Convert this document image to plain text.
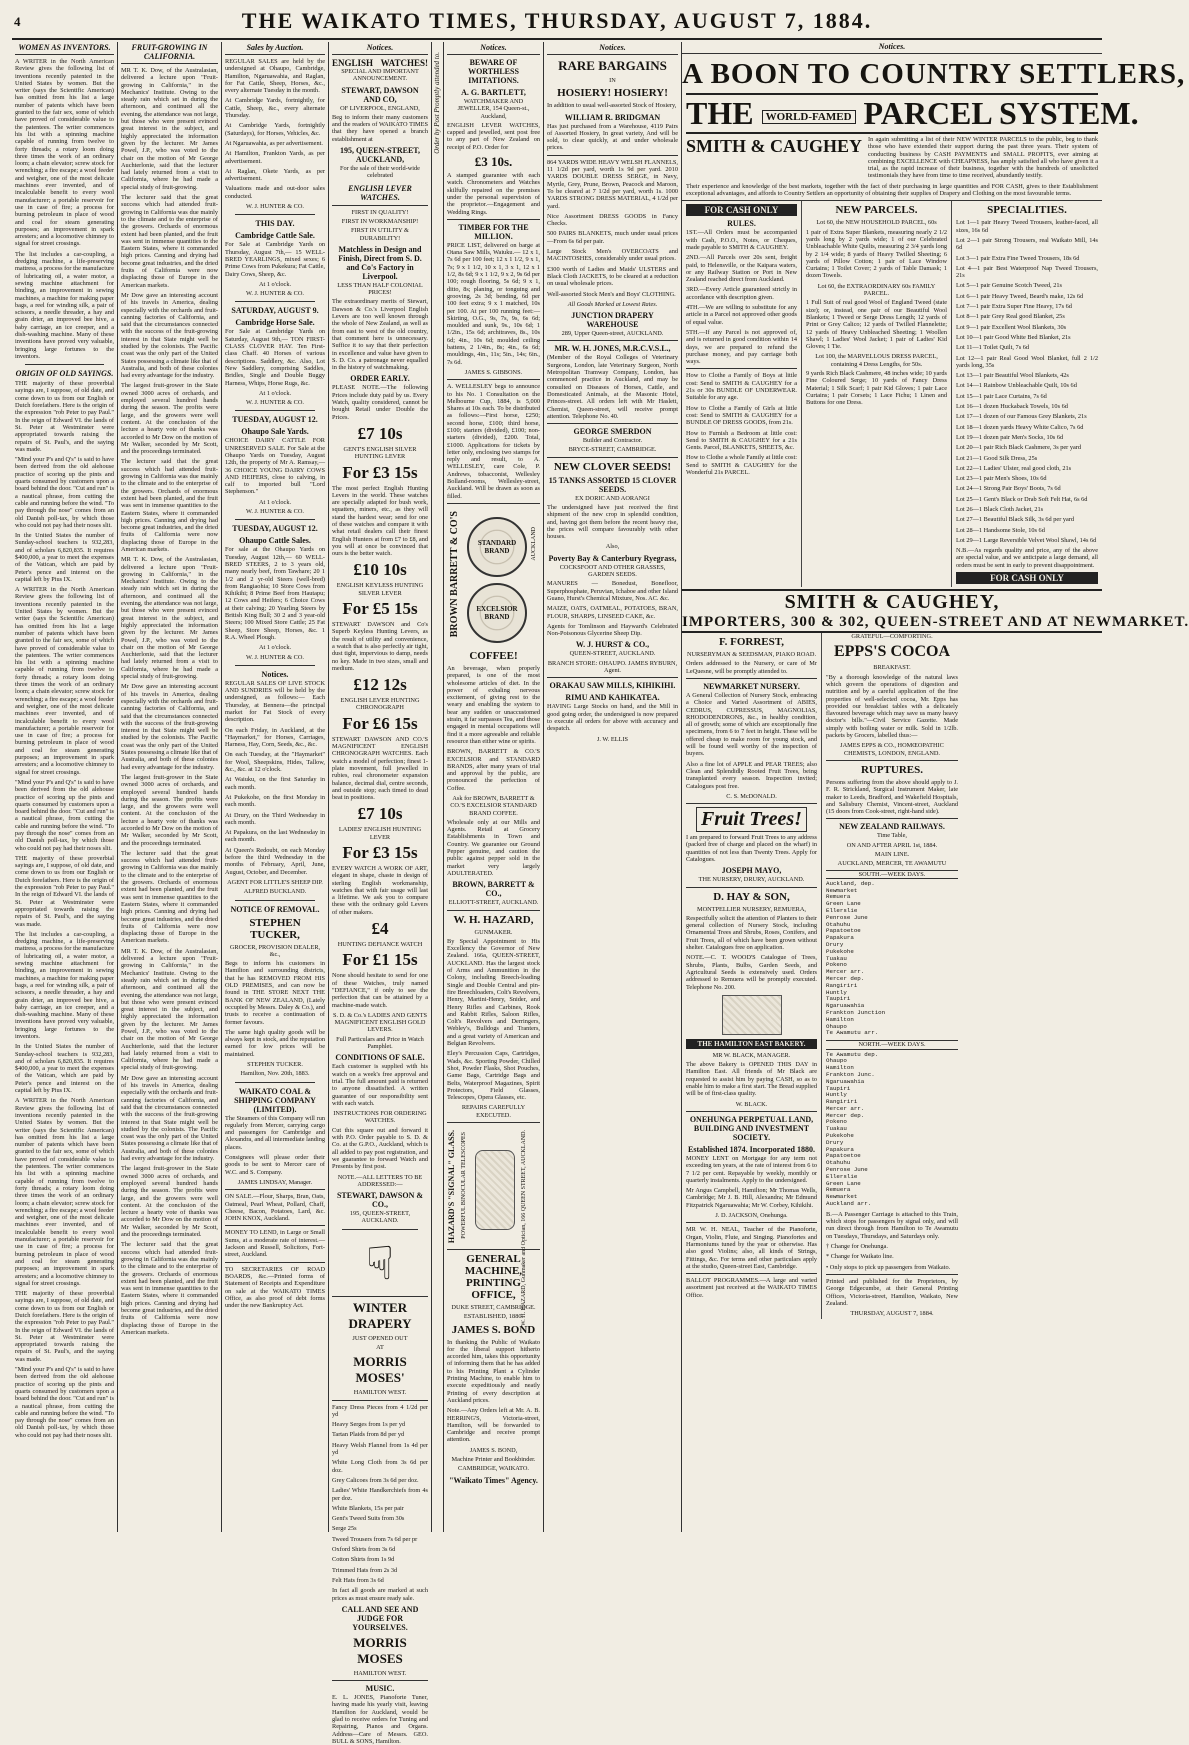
4	THE WAIKATO TIMES, THURSDAY, AUGUST 7, 1884.
WOMEN AS INVENTORS.

A WRITER in the North American Review gives the following list of inventions recently patented in the United States by women. But the writer (says the Scientific American) has omitted from his list a large number of patents which have been granted to the fair sex, some of which have proved of considerable value to the patentees. The writer commences his list with a spinning machine capable of running from twelve to forty threads; a rotary loom doing three times the work of an ordinary loom; a chain elevator; screw stock for wrenching; a fire escape; a wool feeder and weigher, one of the most delicate machines ever invented, and of incalculable benefit to every wool manufacturer; a portable reservoir for use in case of fire; a process for burning petroleum in place of wood and coal for steam generating purposes; an improvement in spark arresters; and a locomotive chimney to signal for street crossings.

The list includes a car-coupling, a dredging machine, a life-preserving mattress, a process for the manufacture of lubricating oil, a water motor, a sewing machine attachment for binding, an improvement in sewing machines, a machine for making paper bags, a reel for winding silk, a pair of scissors, a needle threader, a hay and grain drier, an improved bee hive, a baby carriage, an ice creeper, and a dish-washing machine. Many of these inventions have proved very valuable, bringing large fortunes to the inventors.

ORIGIN OF OLD SAYINGS.

THE majority of these proverbial sayings are, I suppose, of old date, and come down to us from our English or Dutch forefathers. Here is the origin of the expression "rob Peter to pay Paul." In the reign of Edward VI. the lands of St. Peter at Westminster were appropriated towards raising the repairs of St. Paul's, and the saying was made.

"Mind your P's and Q's" is said to have been derived from the old alehouse practice of scoring up the pints and quarts consumed by customers upon a board behind the door. "Cut and run" is a nautical phrase, from cutting the cable and running before the wind. "To pay through the nose" comes from an old Danish poll-tax, by which those who could not pay had their noses slit.

In the United States the number of Sunday-school teachers is 932,283, and of scholars 6,820,835. It requires $400,000, a year to meet the expenses of the Vatican, which are paid by Peter's pence and interest on the capital left by Pius IX.

A WRITER in the North American Review gives the following list of inventions recently patented in the United States by women. But the writer (says the Scientific American) has omitted from his list a large number of patents which have been granted to the fair sex, some of which have proved of considerable value to the patentees. The writer commences his list with a spinning machine capable of running from twelve to forty threads; a rotary loom doing three times the work of an ordinary loom; a chain elevator; screw stock for wrenching; a fire escape; a wool feeder and weigher, one of the most delicate machines ever invented, and of incalculable benefit to every wool manufacturer; a portable reservoir for use in case of fire; a process for burning petroleum in place of wood and coal for steam generating purposes; an improvement in spark arresters; and a locomotive chimney to signal for street crossings.

"Mind your P's and Q's" is said to have been derived from the old alehouse practice of scoring up the pints and quarts consumed by customers upon a board behind the door. "Cut and run" is a nautical phrase, from cutting the cable and running before the wind. "To pay through the nose" comes from an old Danish poll-tax, by which those who could not pay had their noses slit.

THE majority of these proverbial sayings are, I suppose, of old date, and come down to us from our English or Dutch forefathers. Here is the origin of the expression "rob Peter to pay Paul." In the reign of Edward VI. the lands of St. Peter at Westminster were appropriated towards raising the repairs of St. Paul's, and the saying was made.

The list includes a car-coupling, a dredging machine, a life-preserving mattress, a process for the manufacture of lubricating oil, a water motor, a sewing machine attachment for binding, an improvement in sewing machines, a machine for making paper bags, a reel for winding silk, a pair of scissors, a needle threader, a hay and grain drier, an improved bee hive, a baby carriage, an ice creeper, and a dish-washing machine. Many of these inventions have proved very valuable, bringing large fortunes to the inventors.

In the United States the number of Sunday-school teachers is 932,283, and of scholars 6,820,835. It requires $400,000, a year to meet the expenses of the Vatican, which are paid by Peter's pence and interest on the capital left by Pius IX.

A WRITER in the North American Review gives the following list of inventions recently patented in the United States by women. But the writer (says the Scientific American) has omitted from his list a large number of patents which have been granted to the fair sex, some of which have proved of considerable value to the patentees. The writer commences his list with a spinning machine capable of running from twelve to forty threads; a rotary loom doing three times the work of an ordinary loom; a chain elevator; screw stock for wrenching; a fire escape; a wool feeder and weigher, one of the most delicate machines ever invented, and of incalculable benefit to every wool manufacturer; a portable reservoir for use in case of fire; a process for burning petroleum in place of wood and coal for steam generating purposes; an improvement in spark arresters; and a locomotive chimney to signal for street crossings.

THE majority of these proverbial sayings are, I suppose, of old date, and come down to us from our English or Dutch forefathers. Here is the origin of the expression "rob Peter to pay Paul." In the reign of Edward VI. the lands of St. Peter at Westminster were appropriated towards raising the repairs of St. Paul's, and the saying was made.

"Mind your P's and Q's" is said to have been derived from the old alehouse practice of scoring up the pints and quarts consumed by customers upon a board behind the door. "Cut and run" is a nautical phrase, from cutting the cable and running before the wind. "To pay through the nose" comes from an old Danish poll-tax, by which those who could not pay had their noses slit.

FRUIT-GROWING IN CALIFORNIA.

MR T. K. Dow, of the Australasian, delivered a lecture upon "Fruit-growing in California," in the Mechanics' Institute. Owing to the steady rain which set in during the afternoon, and continued all the evening, the attendance was not large, but those who were present evinced great interest in the subject, and highly appreciated the information given by the lecturer. Mr James Powel, J.P., who was voted to the chair on the motion of Mr George Auchterlonie, said that the lecturer had lately returned from a visit to California, where he had made a special study of fruit-growing.

The lecturer said that the great success which had attended fruit-growing in California was due mainly to the climate and to the enterprise of the growers. Orchards of enormous extent had been planted, and the fruit was sent in immense quantities to the Eastern States, where it commanded high prices. Canning and drying had become great industries, and the dried fruits of California were now displacing those of Europe in the American markets.

Mr Dow gave an interesting account of his travels in America, dealing especially with the orchards and fruit-canning factories of California, and said that the circumstances connected with the success of the fruit-growing interest in that State might well be studied by the colonists. The Pacific coast was the only part of the United States possessing a climate like that of Australia, and both of these colonies had every advantage for the industry.

The largest fruit-grower in the State owned 3000 acres of orchards, and employed several hundred hands during the season. The profits were large, and the growers were well content. At the conclusion of the lecture a hearty vote of thanks was accorded to Mr Dow on the motion of Mr Walker, seconded by Mr Scott, and the proceedings terminated.

The lecturer said that the great success which had attended fruit-growing in California was due mainly to the climate and to the enterprise of the growers. Orchards of enormous extent had been planted, and the fruit was sent in immense quantities to the Eastern States, where it commanded high prices. Canning and drying had become great industries, and the dried fruits of California were now displacing those of Europe in the American markets.

MR T. K. Dow, of the Australasian, delivered a lecture upon "Fruit-growing in California," in the Mechanics' Institute. Owing to the steady rain which set in during the afternoon, and continued all the evening, the attendance was not large, but those who were present evinced great interest in the subject, and highly appreciated the information given by the lecturer. Mr James Powel, J.P., who was voted to the chair on the motion of Mr George Auchterlonie, said that the lecturer had lately returned from a visit to California, where he had made a special study of fruit-growing.

Mr Dow gave an interesting account of his travels in America, dealing especially with the orchards and fruit-canning factories of California, and said that the circumstances connected with the success of the fruit-growing interest in that State might well be studied by the colonists. The Pacific coast was the only part of the United States possessing a climate like that of Australia, and both of these colonies had every advantage for the industry.

The largest fruit-grower in the State owned 3000 acres of orchards, and employed several hundred hands during the season. The profits were large, and the growers were well content. At the conclusion of the lecture a hearty vote of thanks was accorded to Mr Dow on the motion of Mr Walker, seconded by Mr Scott, and the proceedings terminated.

The lecturer said that the great success which had attended fruit-growing in California was due mainly to the climate and to the enterprise of the growers. Orchards of enormous extent had been planted, and the fruit was sent in immense quantities to the Eastern States, where it commanded high prices. Canning and drying had become great industries, and the dried fruits of California were now displacing those of Europe in the American markets.

MR T. K. Dow, of the Australasian, delivered a lecture upon "Fruit-growing in California," in the Mechanics' Institute. Owing to the steady rain which set in during the afternoon, and continued all the evening, the attendance was not large, but those who were present evinced great interest in the subject, and highly appreciated the information given by the lecturer. Mr James Powel, J.P., who was voted to the chair on the motion of Mr George Auchterlonie, said that the lecturer had lately returned from a visit to California, where he had made a special study of fruit-growing.

Mr Dow gave an interesting account of his travels in America, dealing especially with the orchards and fruit-canning factories of California, and said that the circumstances connected with the success of the fruit-growing interest in that State might well be studied by the colonists. The Pacific coast was the only part of the United States possessing a climate like that of Australia, and both of these colonies had every advantage for the industry.

The largest fruit-grower in the State owned 3000 acres of orchards, and employed several hundred hands during the season. The profits were large, and the growers were well content. At the conclusion of the lecture a hearty vote of thanks was accorded to Mr Dow on the motion of Mr Walker, seconded by Mr Scott, and the proceedings terminated.

The lecturer said that the great success which had attended fruit-growing in California was due mainly to the climate and to the enterprise of the growers. Orchards of enormous extent had been planted, and the fruit was sent in immense quantities to the Eastern States, where it commanded high prices. Canning and drying had become great industries, and the dried fruits of California were now displacing those of Europe in the American markets.

Sales by Auction.

REGULAR SALES are held by the undersigned at Ohaupo, Cambridge, Hamilton, Ngaruawahia, and Raglan, for Fat Cattle, Sheep, Horses, &c., every alternate Tuesday in the month.

At Cambridge Yards, fortnightly, for Cattle, Sheep, &c., every alternate Thursday.

At Cambridge Yards, fortnightly (Saturdays), for Horses, Vehicles, &c.

At Ngaruawahia, as per advertisement.

At Hamilton, Frankton Yards, as per advertisement.

At Raglan, Okete Yards, as per advertisement.

Valuations made and out-door sales conducted.

W. J. HUNTER & CO.
THIS DAY.
Cambridge Cattle Sale.

For Sale at Cambridge Yards on Thursday, August 7th,— 15 WELL-BRED YEARLINGS, mixed sexes; 6 Prime Cows from Pukekura; Fat Cattle, Dairy Cows, Sheep, &c.

At 1 o'clock.
W. J. HUNTER & CO.
SATURDAY, AUGUST 9.
Cambridge Horse Sale.

For Sale at Cambridge Yards on Saturday, August 9th,— TON FIRST-CLASS CLOVER HAY. Ten First-class Chaff. 40 Horses of various descriptions. Saddlery, &c. Also, Lot New Saddlery, comprising Saddles, Bridles, Single and Double Buggy Harness, Whips, Horse Rugs, &c.

At 1 o'clock.
W. J. HUNTER & CO.
TUESDAY, AUGUST 12.
Ohaupo Sale Yards.

CHOICE DAIRY CATTLE FOR UNRESERVED SALE. For Sale at the Ohaupo Yards on Tuesday, August 12th, the property of Mr A. Ramsay,— 36 CHOICE YOUNG DAIRY COWS AND HEIFERS, close to calving, in calf to imported bull "Lord Stephenson."

At 1 o'clock.
W. J. HUNTER & CO.
TUESDAY, AUGUST 12.
Ohaupo Cattle Sales.

For sale at the Ohaupo Yards on Tuesday, August 12th,— 60 WELL-BRED STEERS, 2 to 3 years old, many nearly beef, from Tawhare; 20 1 1/2 and 2 yr-old Steers (well-bred) from Rangiaohia; 10 Store Cows from Kihikihi; 8 Prime Beef from Hautapu; 12 Cows and Heifers; 6 Choice Cows at their calving; 20 Yearling Steers by British King Bull; 30 2 and 3 year-old Steers; 100 Mixed Store Cattle; 25 Fat Sheep, Store Sheep, Horses, &c. 1 R.A. Wheel Plough.

At 1 o'clock.
W. J. HUNTER & CO.
Notices.

REGULAR SALES OF LIVE STOCK AND SUNDRIES will be held by the undersigned, as follows:— Each Thursday, at Bennera—the principal market for Fat Stock of every description.

On each Friday, in Auckland, at the "Haymarket," for Horses, Carriages, Harness, Hay, Corn, Seeds, &c., &c.

On each Tuesday, at the "Haymarket" for Wool, Sheepskins, Hides, Tallow, &c., &c. at 12 o'clock.

At Waiuku, on the first Saturday in each month.

At Pukekohe, on the first Monday in each month.

At Drury, on the Third Wednesday in each month.

At Papakura, on the last Wednesday in each month.

At Queen's Redoubt, on each Monday before the third Wednesday in the months of February, April, June, August, October, and December.

AGENT FOR LITTLE'S SHEEP DIP.
ALFRED BUCKLAND.
NOTICE OF REMOVAL.
STEPHEN TUCKER,
GROCER, PROVISION DEALER, &c.,

Begs to inform his customers in Hamilton and surrounding districts, that he has REMOVED FROM HIS OLD PREMISES, and can now be found in THE STORE NEXT THE BANK OF NEW ZEALAND, (Lately occupied by Messrs. Daley & Co.), and trusts to receive a continuation of former favours.

The same high quality goods will be always kept in stock, and the reputation earned for low prices will be maintained.

STEPHEN TUCKER.
Hamilton, Nov. 20th, 1883.
WAIKATO COAL & SHIPPING COMPANY (LIMITED).

The Steamers of this Company will run regularly from Mercer, carrying cargo and passengers for Cambridge and Alexandra, and all intermediate landing places.

Consignees will please order their goods to be sent to Mercer care of W.C. and S. Company.

JAMES LINDSAY, Manager.

ON SALE.—Flour, Sharps, Bran, Oats, Oatmeal, Pearl Wheat, Pollard, Chaff, Cheese, Bacon, Potatoes, Lard, &c. JOHN KNOX, Auckland.

MONEY TO LEND, in Large or Small Sums, at a moderate rate of interest.—Jackson and Russell, Solicitors, Fort-street, Auckland.

TO SECRETARIES OF ROAD BOARDS, &c.—Printed forms of Statement of Receipts and Expenditure on sale at the WAIKATO TIMES Office, as also proof of debt forms under the new Bankruptcy Act.

Notices.
ENGLISH WATCHES!
SPECIAL AND IMPORTANT ANNOUNCEMENT.
STEWART, DAWSON AND CO,
OF LIVERPOOL, ENGLAND,

Beg to inform their many customers and the readers of WAIKATO TIMES that they have opened a branch establishment at

195, QUEEN-STREET, AUCKLAND,

For the sale of their world-wide celebrated

ENGLISH LEVER WATCHES.
FIRST IN QUALITY!
FIRST IN WORKMANSHIP!
FIRST IN UTILITY & DURABILITY!
Matchless in Design and Finish, Direct from S. D. and Co's Factory in Liverpool.
LESS THAN HALF COLONIAL PRICES!

The extraordinary merits of Stewart, Dawson & Co.'s Liverpool English Levers are too well known through the whole of New Zealand, as well as from east to west of the old country, that comment here is unnecessary. Suffice it to say that their perfection in excellence and value have given to S. D. Co. a patronage never equalled in the history of watchmaking.

ORDER EARLY.

PLEASE NOTE.—The following Prices include duty paid by us. Every Watch, quality considered, cannot be bought Retail under Double the Prices.

£7 10s
GENT'S ENGLISH SILVER HUNTING LEVER
For £3 15s

The most perfect English Hunting Levers in the world. These watches are specially adapted for bush work, squatters, miners, etc., as they will stand the hardest wear; send for one of these watches and compare it with what retail dealers call their finest English Hunters at from £7 to £8, and you will at once be convinced that ours is the better watch.

£10 10s
ENGLISH KEYLESS HUNTING SILVER LEVER
For £5 15s

STEWART DAWSON and Co's Superb Keyless Hunting Levers, as the result of utility and convenience, a watch that is also perfectly air tight, dust tight, impervious to damp, needs no key. Made in two sizes, small and medium.

£12 12s
ENGLISH LEVER HUNTING CHRONOGRAPH
For £6 15s

STEWART DAWSON AND CO.'S MAGNIFICENT ENGLISH CHRONOGRAPH WATCHES. Each watch a model of perfection; finest 1-plate movement, full jewelled in rubies, real chronometer expansion balance, decimal dial, centre seconds, and outside stop; each timed to dead beat in positions.

£7 10s
LADIES' ENGLISH HUNTING LEVER
For £3 15s

EVERY WATCH A WORK OF ART, elegant in shape, chaste in design of sterling English workmanship, watches that with fair usage will last a lifetime. We ask you to compare these with the ordinary gold Levers of other makers.

£4
HUNTING DEFIANCE WATCH
For £1 15s

None should hesitate to send for one of these Watches, truly named "DEFIANCE," if only to see the perfection that can be attained by a machine-made watch.

S. D. & Co.'s LADIES AND GENTS MAGNIFICENT ENGLISH GOLD LEVERS.
Full Particulars and Price in Watch Pamphlet.
CONDITIONS OF SALE.

Each customer is supplied with his watch on a week's free approval and trial. The full amount paid is returned to anyone dissatisfied. A written guarantee of our responsibility sent with each watch.

INSTRUCTIONS FOR ORDERING WATCHES.

Cut this square out and forward it with P.O. Order payable to S. D. & Co. at the G.P.O., Auckland, which is all added to pay post registration, and we guarantee to forward Watch and Presents by first post.

NOTE.—ALL LETTERS TO BE ADDRESSED:—
STEWART, DAWSON & CO.,
195, QUEEN-STREET, AUCKLAND.
☟
WINTER DRAPERY
JUST OPENED OUT
AT
MORRIS MOSES'
HAMILTON WEST.
Fancy Dress Pieces from 4 1/2d per yd
Heavy Serges from 1s per yd
Tartan Plaids from 8d per yd
Heavy Welsh Flannel from 1s 4d per yd
White Long Cloth from 3s 6d per doz.
Grey Calicoes from 3s 6d per doz.
Ladies' White Handkerchiefs from 4s per doz.
White Blankets, 15s per pair
Gent's Tweed Suits from 30s
Serge 25s
Tweed Trousers from 7s 6d per pr
Oxford Shirts from 3s 6d
Cotton Shirts from 1s 9d
Trimmed Hats from 2s 3d
Felt Hats from 3s 6d

In fact all goods are marked at such prices as must ensure ready sale.

CALL AND SEE AND JUDGE FOR YOURSELVES.
MORRIS MOSES
HAMILTON WEST.
MUSIC.

E. L. JONES, Pianoforte Tuner, having made his yearly visit, leaving Hamilton for Auckland, would be glad to receive orders for Tuning and Repairing, Pianos and Organs. Address—Care of Messrs. GEO. BULL & SONS, Hamilton.

Order by Post Promptly attended to.
Notices.
BEWARE OF WORTHLESS IMITATIONS.
A. G. BARTLETT,
WATCHMAKER AND JEWELLER, 154 Queen-st., Auckland,

ENGLISH LEVER WATCHES, capped and jewelled, sent post free to any part of New Zealand on receipt of P.O. Order for

£3 10s.

A stamped guarantee with each watch. Chronometers and Watches skilfully repaired on the premises under the personal supervision of the proprietor.—Engagement and Wedding Rings.

TIMBER FOR THE MILLION.

PRICE LIST, delivered on barge at Otana Saw Mills, Waiuku.— 12 x 1, 7s 6d per 100 feet; 12 x 1 1/2, 9 x 1, 7s; 9 x 1 1/2, 10 x 1, 3 x 1, 12 x 1 1/2, 8s 6d; 9 x 1 1/2, 9 x 2, 9s 6d per 100; rough flooring, 5s 6d; 9 x 1, ditto, 8s; planing, or tonguing and grooving, 2s 3d; bending, 6d per 100 feet extra; 9 x 1 matched, 10s per 100. At per 100 running feet:—Skirting, O.G., 9s, 7s, 9s, 6s 6d; moulded and sunk, 9s., 10s 6d; 1 1/2in., 15s 6d; architraves, 8s., 10s 6d; 4in., 10s 6d; moulded ceiling battens, 2 1/4in., 8s; 4in., 6s 6d; mouldings, 4in., 11s; 5in., 14s; 6in., 7s 6d.

JAMES S. GIBBONS.

A. WELLESLEY begs to announce to his No. 1 Consultation on the Melbourne Cup, 1884, is 5,000 Shares at 10s each. To be distributed as follows:—First horse, £250; second horse, £100; third horse, £100; starters (divided), £100; non-starters (divided), £200. Total, £1000. Applications for tickets by letter only, enclosing two stamps for reply and result, to A. WELLESLEY, care Cole, P. Andrews, tobacconist, Wellesley Bolland-rooms, Wellesley-street, Auckland. Will be drawn as soon as filled.

BROWN BARRETT & CO'S	STANDARD BRAND
EXCELSIOR BRAND
AUCKLAND
COFFEE!

An beverage, when properly prepared, is one of the most wholesome articles of diet. In the power of exhaling nervous excitement, of giving rest to the weary and enabling the system to bear any sudden or unaccustomed strain, it far surpasses Tea, and those engaged in mental occupations will find it a more agreeable and reliable resource than either wine or spirits.

BROWN, BARRETT & CO.'S EXCELSIOR and STANDARD BRANDS, after many years of trial and approval by the public, are pronounced the perfection of Coffee.

Ask for BROWN, BARRETT & CO.'S EXCELSIOR STANDARD BRAND COFFEE.

Wholesale only at our Mills and Agents. Retail at Grocery Establishments in Town and Country. We guarantee our Ground Pepper genuine, and caution the public against pepper sold in the market very largely ADULTERATED.

BROWN, BARRETT & CO.,
ELLIOTT-STREET, AUCKLAND.
W. H. HAZARD,
GUNMAKER.

By Special Appointment to His Excellency the Governor of New Zealand. 166a, QUEEN-STREET, AUCKLAND. Has the largest stock of Arms and Ammunition in the Colony, including Breech-loading Single and Double Central and pin-fire Breechloaders, Colt's Revolvers, Henry, Martini-Henry, Snider, and Henry Rifles and Carbines, Rook and Rabbit Rifles, Saloon Rifles, Colt's Revolvers and Derringers, Webley's, Bulldogs and Tranters, and a great variety of American and Belgian Revolvers.

Eley's Percussion Caps, Cartridges, Wads, &c. Sporting Powder, Chilled Shot, Powder Flasks, Shot Pouches, Game Bags, Cartridge Bags and Belts, Waterproof Magazines, Spirit Protectors, Field Glasses, Telescopes, Opera Glasses, etc.

REPAIRS CAREFULLY EXECUTED.
HAZARD'S "SIGNAL" GLASS. POWERFUL BINOCULAR TELESCOPES	W. H. HAZARD, Gunmaker and Optician, 166 QUEEN STREET, AUCKLAND.
GENERAL MACHINE, PRINTING OFFICE,
DUKE STREET, CAMBRIDGE.
ESTABLISHED, 1880.
JAMES S. BOND

In thanking the Public of Waikato for the liberal support hitherto accorded him, takes this opportunity of informing them that he has added to his Printing Plant a Cylinder Printing Machine, to enable him to execute expeditiously and neatly Printing of every description at Auckland prices.

Note.—Any Orders left at Mr. A. B. HERRING'S, Victoria-street, Hamilton, will be forwarded to Cambridge and receive prompt attention.

JAMES S. BOND,
Machine Printer and Bookbinder.
CAMBRIDGE, WAIKATO.
"Waikato Times" Agency.
Notices.
RARE BARGAINS
IN
HOSIERY! HOSIERY!

In addition to usual well-assorted Stock of Hosiery,

WILLIAM R. BRIDGMAN

Has just purchased from a Warehouse, 4119 Pairs of Assorted Hosiery, In great variety, And will be sold, to clear quickly, at and under wholesale prices.

864 YARDS WIDE HEAVY WELSH FLANNELS, 11 1/2d per yard, worth 1s 9d per yard. 2010 YARDS DOUBLE DRESS SERGE, in Navy, Myrtle, Grey, Prune, Brown, Peacock and Maroon, To be cleared at 7 1/2d per yard, worth 1s. 1000 YARDS STRONG DRESS MATERIAL, 4 1/2d per yard.

Nice Assortment DRESS GOODS in Fancy Checks.

500 PAIRS BLANKETS, much under usual prices—From 6s 6d per pair.

Large Stock Men's OVERCOATS and MACINTOSHES, considerably under usual prices.

£300 worth of Ladies and Maids' ULSTERS and Black Cloth JACKETS, to be cleared at a reduction on usual wholesale prices.

Well-assorted Stock Men's and Boys' CLOTHING.

All Goods Marked at Lowest Rates.

JUNCTION DRAPERY WAREHOUSE
289, Upper Queen-street, AUCKLAND.
MR. W. H. JONES, M.R.C.V.S.L.,

(Member of the Royal Colleges of Veterinary Surgeons, London, late Veterinary Surgeon, North Metropolitan Tramway Company, London, has commenced practice in Auckland, and may be consulted on Diseases of Horses, Cattle, and Domesticated Animals, at the Masonic Hotel, Princes-street. All orders left with Mr Haslett, Chemist, Queen-street, will receive prompt attention. Telephone No. 40.

GEORGE SMERDON
Builder and Contractor.
BRYCE-STREET, CAMBRIDGE.
NEW CLOVER SEEDS!
15 TANKS ASSORTED 15 CLOVER SEEDS.
EX DORIC AND AORANGI

The undersigned have just received the first shipment of the new crop in splendid condition, and, having got them before the recent heavy rise, the prices will compare favourably with other houses.

Also,
Poverty Bay & Canterbury Ryegrass,
COCKSFOOT AND OTHER GRASSES, GARDEN SEEDS.

MANURES — Bonedust, Bonefloor, Superphosphate, Peruvian, Ichaboe and other Island Guano, Hurst's Chemical Mixture, Nos. AC. &c.

MAIZE, OATS, OATMEAL, POTATOES, BRAN, FLOUR, SHARPS, LINSEED CAKE, &c.

Agents for Tomlinson and Hayward's Celebrated Non-Poisonous Glycerine Sheep Dip.

W. J. HURST & CO.,
QUEEN-STREET, AUCKLAND.
BRANCH STORE: OHAUPO. JAMES RYBURN, Agent.
ORAKAU SAW MILLS, KIHIKIHI.
RIMU AND KAHIKATEA.

HAVING Large Stocks on hand, and the Mill in good going order, the undersigned is now prepared to execute all orders for above with accuracy and despatch.

J. W. ELLIS
Notices.
A BOON TO COUNTRY SETTLERS,
THE WORLD-FAMED PARCEL SYSTEM.
SMITH & CAUGHEY In again submitting a list of their NEW WINTER PARCELS to the public, beg to thank those who have extended their support during the past three years. Their system of conducting business by CASH PAYMENTS and SMALL PROFITS, ever aiming at combining EXCELLENCE with CHEAPNESS, has amply satisfied all who have given it a trial, as the rapid increase of their business, together with the hundreds of unsolicited testimonials they have from time to time received, abundantly testify.

Their experience and knowledge of the best markets, together with the fact of their purchasing in large quantities and FOR CASH, gives to their Establishment exceptional advantages, and affords to Country Settlers an opportunity of obtaining their supplies of Drapery and Clothing on the most favourable terms.

FOR CASH ONLY
RULES.

1ST.—All Orders must be accompanied with Cash, P.O.O., Notes, or Cheques, made payable to SMITH & CAUGHEY.

2ND.—All Parcels over 20s sent, freight paid, to Helensville, or the Kaipara waters, or any Railway Station or Port in New Zealand reached direct from Auckland.

3RD.—Every Article guaranteed strictly in accordance with description given.

4TH.—We are willing to substitute for any article in a Parcel not approved other goods of equal value.

5TH.—If any Parcel is not approved of, and is returned in good condition within 14 days, we are prepared to refund the purchase money, and pay carriage both ways.

How to Clothe a Family of Boys at little cost: Send to SMITH & CAUGHEY for a 21s or 30s BUNDLE OF UNDERWEAR. Suitable for any age.

How to Clothe a Family of Girls at little cost: Send to SMITH & CAUGHEY for a BUNDLE OF DRESS GOODS, from 21s.

How to Furnish a Bedroom at little cost: Send to SMITH & CAUGHEY for a 21s Gents. Parcel, BLANKETS, SHEETS, &c.

How to Clothe a whole Family at little cost: Send to SMITH & CAUGHEY for the Wonderful 21s PARCEL.

NEW PARCELS.
Lot 60, the NEW HOUSEHOLD PARCEL, 60s

1 pair of Extra Super Blankets, measuring nearly 2 1/2 yards long by 2 yards wide; 1 of our Celebrated Unbleachable White Quilts, measuring 2 3/4 yards long by 2 1/4 wide; 8 yards of Heavy Twilled Sheeting; 6 yards of Pillow Cotton; 1 pair of Lace Window Curtains; 1 Toilet Cover; 2 yards of Table Damask; 1 dozen Towels.

Lot 60, the EXTRAORDINARY 60s FAMILY PARCEL.

1 Full Suit of real good Wool of England Tweed (state size); or, instead, one pair of our Beautiful Wool Blankets; 1 Tweed or Serge Dress Length; 12 yards of Print or Grey Calico; 12 yards of Twilled Flannelette; 12 yards of Heavy Unbleached Sheeting; 1 Woollen Shawl; 1 Ladies' Wool Jacket; 1 pair of Ladies' Kid Gloves; 1 Tie.

Lot 100, the MARVELLOUS DRESS PARCEL, containing 4 Dress Lengths, for 50s.

9 yards Rich Black Cashmere, 48 inches wide; 10 yards Fine Coloured Serge; 10 yards of Fancy Dress Material; 1 Silk Scarf; 1 pair Kid Gloves; 1 pair Lace Curtains; 1 pair Corsets; 1 Lace Fichu; 1 Linen and Buttons for one Dress.

SPECIALITIES.
Lot 1—1 pair Heavy Tweed Trousers, leather-faced, all sizes, 16s 6d
Lot 2—1 pair Strong Trousers, real Waikato Mill, 14s 6d
Lot 3—1 pair Extra Fine Tweed Trousers, 18s 6d
Lot 4—1 pair Best Waterproof Nap Tweed Trousers, 21s
Lot 5—1 pair Genuine Scotch Tweed, 21s
Lot 6—1 pair Heavy Tweed, Beard's make, 12s 6d
Lot 7—1 pair Extra Super Fine Heavy, 17s 6d
Lot 8—1 pair Grey Real good Blanket, 25s
Lot 9—1 pair Excellent Wool Blankets, 30s
Lot 10—1 pair Good White Bed Blanket, 21s
Lot 11—1 Toilet Quilt, 7s 6d
Lot 12—1 pair Real Good Wool Blanket, full 2 1/2 yards long, 35s
Lot 13—1 pair Beautiful Wool Blankets, 42s
Lot 14—1 Rainbow Unbleachable Quilt, 10s 6d
Lot 15—1 pair Lace Curtains, 7s 6d
Lot 16—1 dozen Huckaback Towels, 10s 6d
Lot 17—1 dozen of our Famous Grey Blankets, 21s
Lot 18—1 dozen yards Heavy White Calico, 7s 6d
Lot 19—1 dozen pair Men's Socks, 10s 6d
Lot 20—1 pair Rich Black Cashmere, 3s per yard
Lot 21—1 Good Silk Dress, 25s
Lot 22—1 Ladies' Ulster, real good cloth, 21s
Lot 23—1 pair Men's Shoes, 10s 6d
Lot 24—1 Strong Pair Boys' Boots, 7s 6d
Lot 25—1 Gent's Black or Drab Soft Felt Hat, 6s 6d
Lot 26—1 Black Cloth Jacket, 21s
Lot 27—1 Beautiful Black Silk, 3s 6d per yard
Lot 28—1 Handsome Stole, 10s 6d
Lot 29—1 Large Reversible Velvet Wool Shawl, 14s 6d

N.B.—As regards quality and price, any of the above are special value, and we anticipate a large demand, all orders must be sent in early to prevent disappointment.

FOR CASH ONLY
SMITH & CAUGHEY,
IMPORTERS, 300 & 302, QUEEN-STREET AND AT NEWMARKET.
F. FORREST,
NURSERYMAN & SEEDSMAN, PIAKO ROAD.

Orders addressed to the Nursery, or care of Mr LeQuesne, will be promptly attended to.

NEWMARKET NURSERY.

A General Collection of Nursery Stock, embracing a Choice and Varied Assortment of ABIES, CEDRUS, CUPRESSUS, MAGNOLIAS, RHODODENDRONS, &c., in healthy condition, all of growth; some of which are exceptionally fine specimens, from 6 to 7 feet in height. These will be offered cheap to make room for young stock, and will be found well worthy of the inspection of buyers.

Also a fine lot of APPLE and PEAR TREES; also Clean and Splendidly Rooted Fruit Trees, being transplanted every season. Inspection invited; Catalogues post free.

C. S. McDONALD.
Fruit Trees!

I am prepared to forward Fruit Trees to any address (packed free of charge and placed on the wharf) in quantities of not less than Twenty Trees. Apply for Catalogues.

JOSEPH MAYO,
THE NURSERY, DRURY, AUCKLAND.
D. HAY & SON,
MONTPELLIER NURSERY, REMUERA,

Respectfully solicit the attention of Planters to their general collection of Nursery Stock, including Ornamental Trees and Shrubs, Roses, Conifers, and Fruit Trees, all of which have been grown without shelter. Catalogues free on application.

NOTE.—C. T. WOOD'S Catalogue of Trees, Shrubs, Plants, Bulbs, Garden Seeds, and Agricultural Seeds is extensively used. Orders addressed to Remuera will be promptly executed. Telephone No. 200.

THE HAMILTON EAST BAKERY.
MR W. BLACK, MANAGER.

The above Bakery is OPENED THIS DAY in Hamilton East. All friends of Mr Black are requested to assist him by paying CASH, so as to enable him to make a first start. The Bread supplied will be of first-class quality.

W. BLACK.
ONEHUNGA PERPETUAL LAND, BUILDING AND INVESTMENT SOCIETY.
Established 1874. Incorporated 1880.

MONEY LENT on Mortgage for any term not exceeding ten years, at the rate of interest from 6 to 7 1/2 per cent. Repayable by weekly, monthly or quarterly instalments. Apply to the undersigned.

Mr Angus Campbell, Hamilton; Mr Thomas Wells, Cambridge; Mr J. B. Hill, Alexandra; Mr Edmund Fitzpatrick Ngaruawahia; Mr W. Corbey, Kihikihi.

J. D. JACKSON, Onehunga.

MR W. H. NEAL, Teacher of the Pianoforte, Organ, Violin, Flute, and Singing. Pianofortes and Harmoniums tuned by the year or otherwise. Has also good Violins; also, all kinds of Strings, Fittings, &c. For terms and other particulars apply at the studio, Queen-street East, Cambridge.

BALLOT PROGRAMMES.—A large and varied assortment just received at the WAIKATO TIMES Office.

GRATEFUL—COMFORTING.
EPPS'S COCOA
BREAKFAST.

"By a thorough knowledge of the natural laws which govern the operations of digestion and nutrition and by a careful application of the fine properties of well-selected cocoa, Mr. Epps has provided our breakfast tables with a delicately flavoured beverage which may save us many heavy doctor's bills."—Civil Service Gazette. Made simply with boiling water or milk. Sold in 1/2lb. packets by Grocers, labelled thus:—

JAMES EPPS & CO., HOMŒOPATHIC CHEMISTS, LONDON, ENGLAND.
RUPTURES.

Persons suffering from the above should apply to J. F. R. Strickland, Surgical Instrument Maker, late maker to Leeds, Bradford, and Wakefield Hospitals, and Salisbury Chemist, Vincent-street, Auckland (15 doors from Cook-street, right-hand side).

NEW ZEALAND RAILWAYS.
Time Table,
ON AND AFTER APRIL 1st, 1884.
MAIN LINE.
AUCKLAND, MERCER, TE AWAMUTU
SOUTH.—WEEK DAYS.
Auckland, dep.
Newmarket
Remuera
Green Lane
Ellerslie
Penrose June
Otahuhu
Papatoetoe
Papakura
Drury
Pukekohe
Tuakau
Pokeno
Mercer arr.
Mercer dep.
Rangiriri
Huntly
Taupiri
Ngaruawahia
Frankton Junction
Hamilton
Ohaupo
Te Awamutu arr.
NORTH.—WEEK DAYS.
Te Awamutu dep.
Ohaupo
Hamilton
Frankton Junc.
Ngaruawahia
Taupiri
Huntly
Rangiriri
Mercer arr.
Mercer dep.
Pokeno
Tuakau
Pukekohe
Drury
Papakura
Papatoetoe
Otahuhu
Penrose June
Ellerslie
Green Lane
Remuera
Newmarket
Auckland arr.

B.—A Passenger Carriage is attached to this Train, which stops for passengers by signal only, and will run direct through from Hamilton to Te Awamutu on Tuesdays, Thursdays, and Saturdays only.

† Change for Onehunga.

* Change for Waikato line.

• Only stops to pick up passengers from Waikato.

Printed and published for the Proprietors, by George Edgecumbe, at their General Printing Offices, Victoria-street, Hamilton, Waikato, New Zealand.

THURSDAY, AUGUST 7, 1884.
